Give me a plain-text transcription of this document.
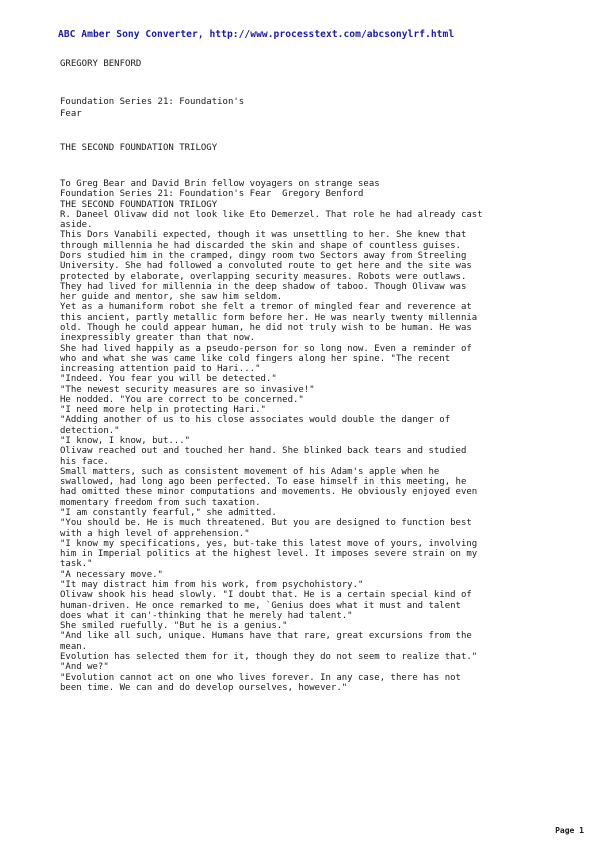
ABC Amber Sony Converter, http://www.processtext.com/abcsonylrf.html
GREGORY BENFORD
Foundation Series 21: Foundation's
Fear
THE SECOND FOUNDATION TRILOGY
To Greg Bear and David Brin fellow voyagers on strange seas
Foundation Series 21: Foundation's Fear  Gregory Benford
THE SECOND FOUNDATION TRILOGY
R. Daneel Olivaw did not look like Eto Demerzel. That role he had already cast
aside.
This Dors Vanabili expected, though it was unsettling to her. She knew that
through millennia he had discarded the skin and shape of countless guises.
Dors studied him in the cramped, dingy room two Sectors away from Streeling
University. She had followed a convoluted route to get here and the site was
protected by elaborate, overlapping security measures. Robots were outlaws.
They had lived for millennia in the deep shadow of taboo. Though Olivaw was
her guide and mentor, she saw him seldom.
Yet as a humaniform robot she felt a tremor of mingled fear and reverence at
this ancient, partly metallic form before her. He was nearly twenty millennia
old. Though he could appear human, he did not truly wish to be human. He was
inexpressibly greater than that now.
She had lived happily as a pseudo-person for so long now. Even a reminder of
who and what she was came like cold fingers along her spine. "The recent
increasing attention paid to Hari..."
"Indeed. You fear you will be detected."
"The newest security measures are so invasive!"
He nodded. "You are correct to be concerned."
"I need more help in protecting Hari."
"Adding another of us to his close associates would double the danger of
detection."
"I know, I know, but..."
Olivaw reached out and touched her hand. She blinked back tears and studied
his face.
Small matters, such as consistent movement of his Adam's apple when he
swallowed, had long ago been perfected. To ease himself in this meeting, he
had omitted these minor computations and movements. He obviously enjoyed even
momentary freedom from such taxation.
"I am constantly fearful," she admitted.
"You should be. He is much threatened. But you are designed to function best
with a high level of apprehension."
"I know my specifications, yes, but-take this latest move of yours, involving
him in Imperial politics at the highest level. It imposes severe strain on my
task."
"A necessary move."
"It may distract him from his work, from psychohistory."
Olivaw shook his head slowly. "I doubt that. He is a certain special kind of
human-driven. He once remarked to me, `Genius does what it must and talent
does what it can'-thinking that he merely had talent."
She smiled ruefully. "But he is a genius."
"And like all such, unique. Humans have that rare, great excursions from the
mean.
Evolution has selected them for it, though they do not seem to realize that."
"And we?"
"Evolution cannot act on one who lives forever. In any case, there has not
been time. We can and do develop ourselves, however."
Page 1
